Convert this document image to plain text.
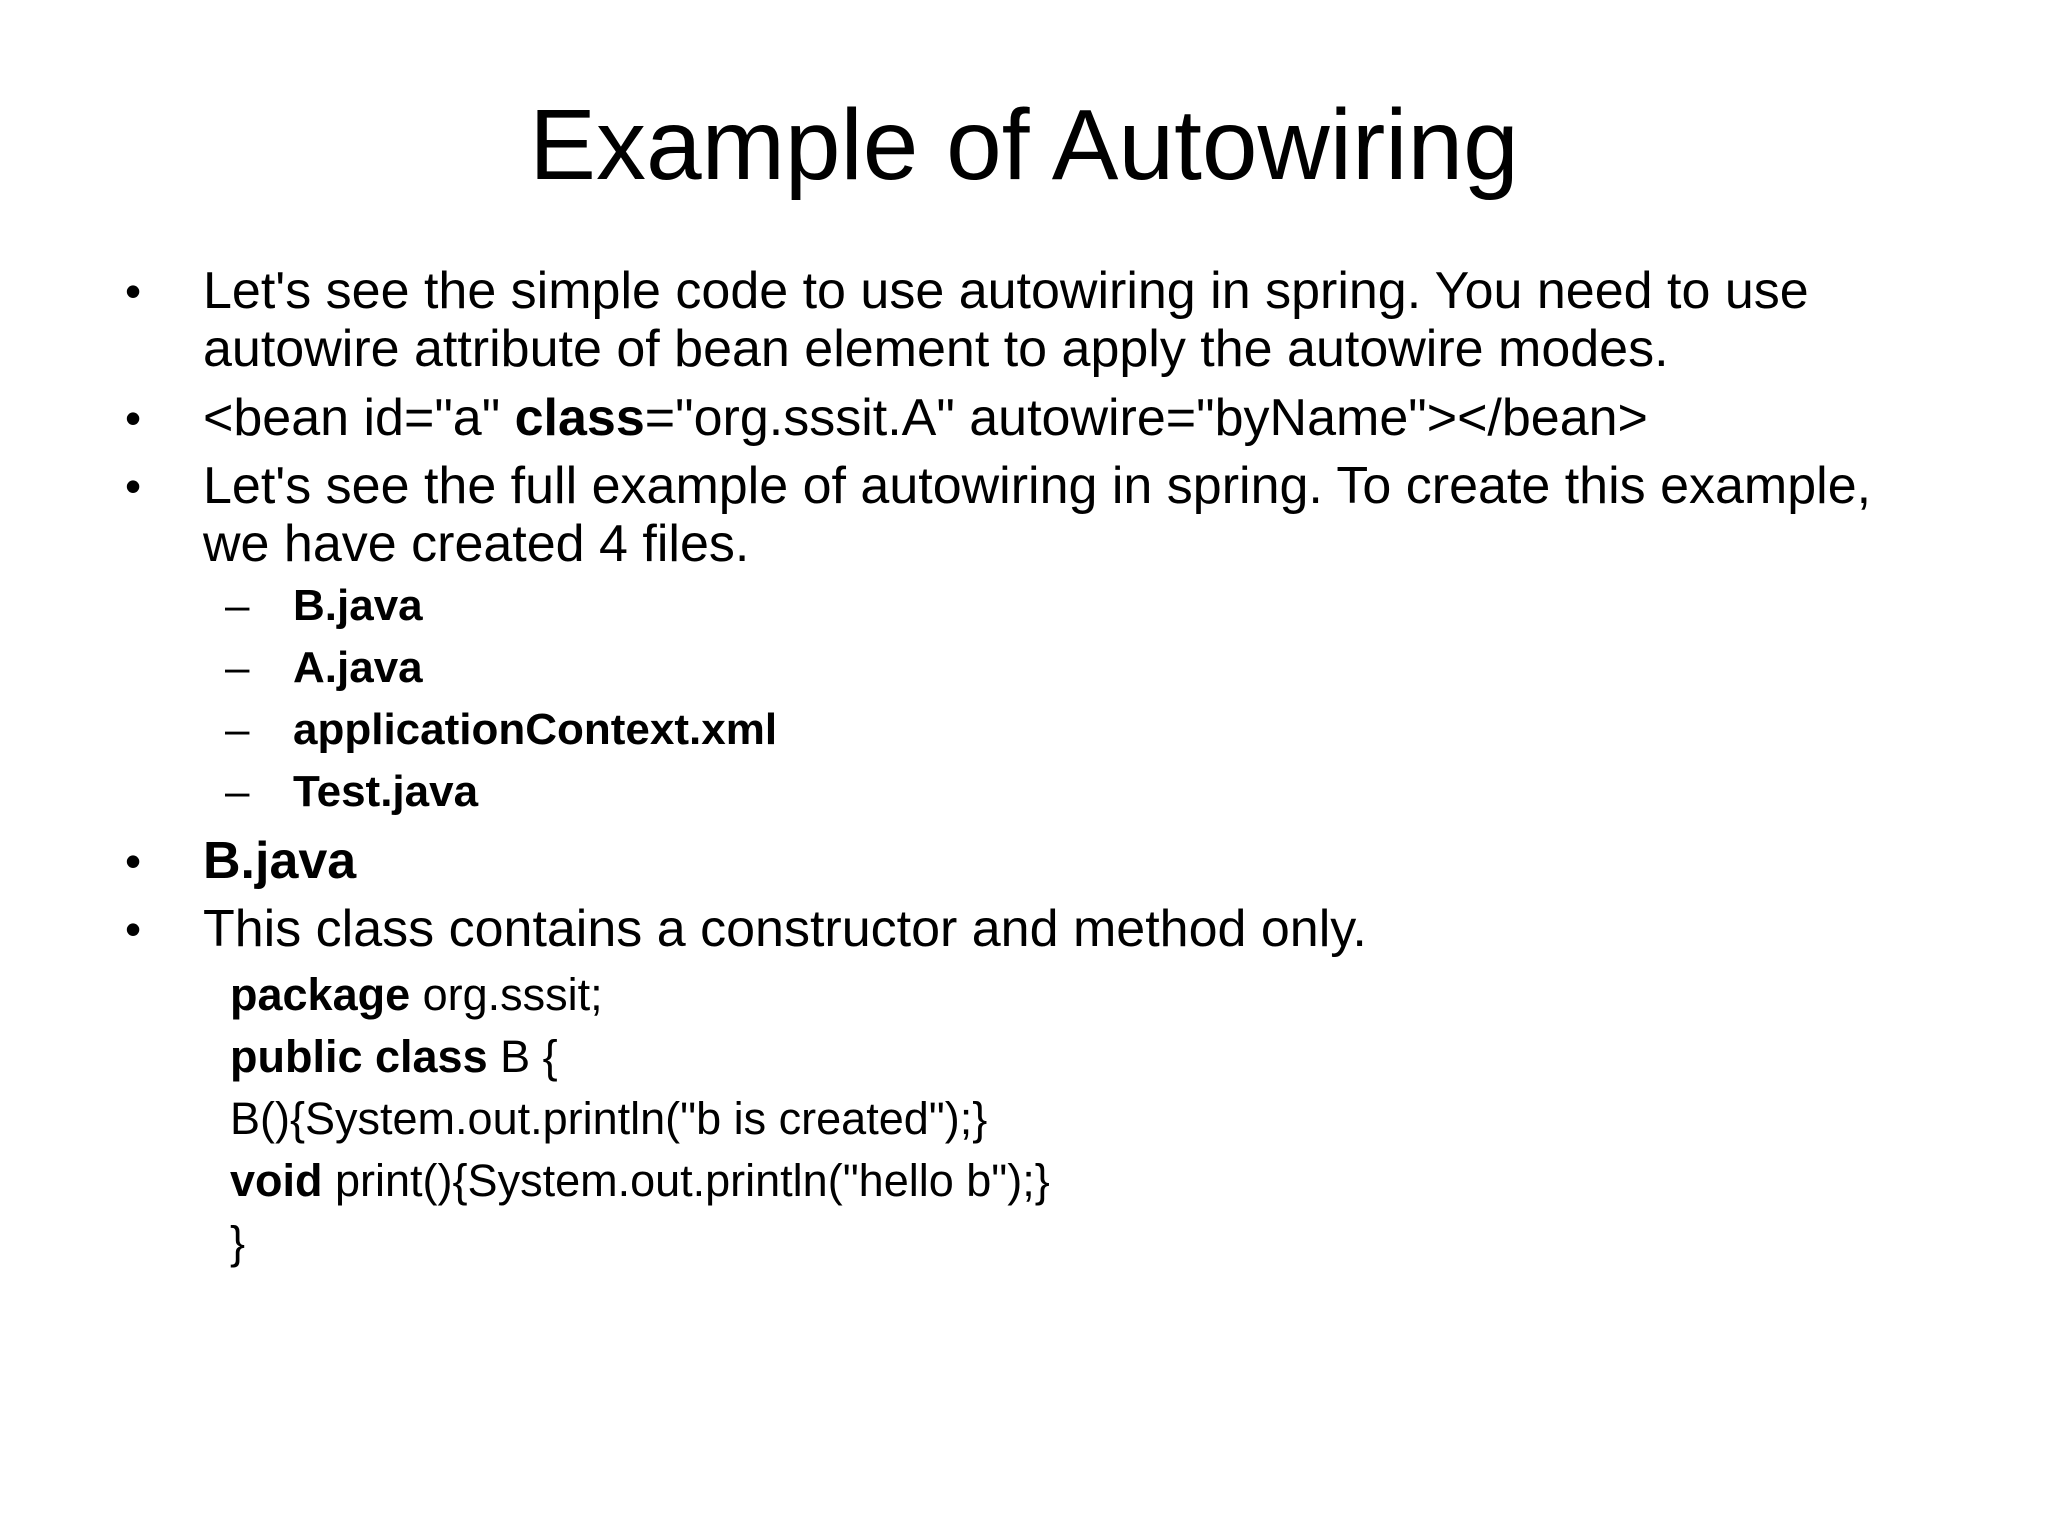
Example of Autowiring
• Let's see the simple code to use autowiring in spring. You need to use autowire attribute of bean element to apply the autowire modes.
• <bean id="a" class="org.sssit.A" autowire="byName"></bean>
• Let's see the full example of autowiring in spring. To create this example, we have created 4 files.
– B.java
– A.java
– applicationContext.xml
– Test.java
• B.java
• This class contains a constructor and method only.
package org.sssit;
public class B {
B(){System.out.println("b is created");}
void print(){System.out.println("hello b");}
}
